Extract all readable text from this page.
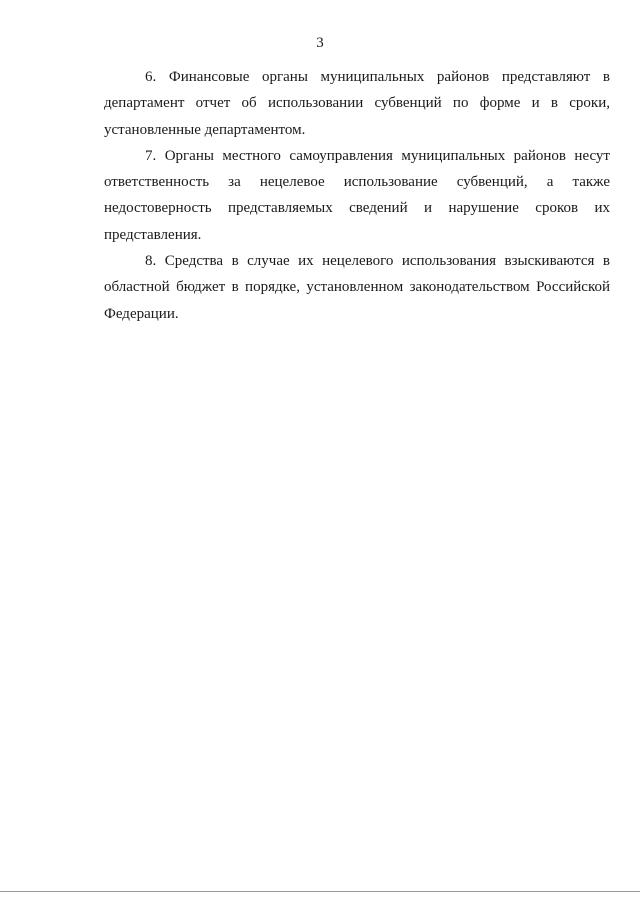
3

6. Финансовые органы муниципальных районов представляют в департамент отчет об использовании субвенций по форме и в сроки, установленные департаментом.

7. Органы местного самоуправления муниципальных районов несут ответственность за нецелевое использование субвенций, а также недостоверность представляемых сведений и нарушение сроков их представления.

8. Средства в случае их нецелевого использования взыскиваются в областной бюджет в порядке, установленном законодательством Российской Федерации.
